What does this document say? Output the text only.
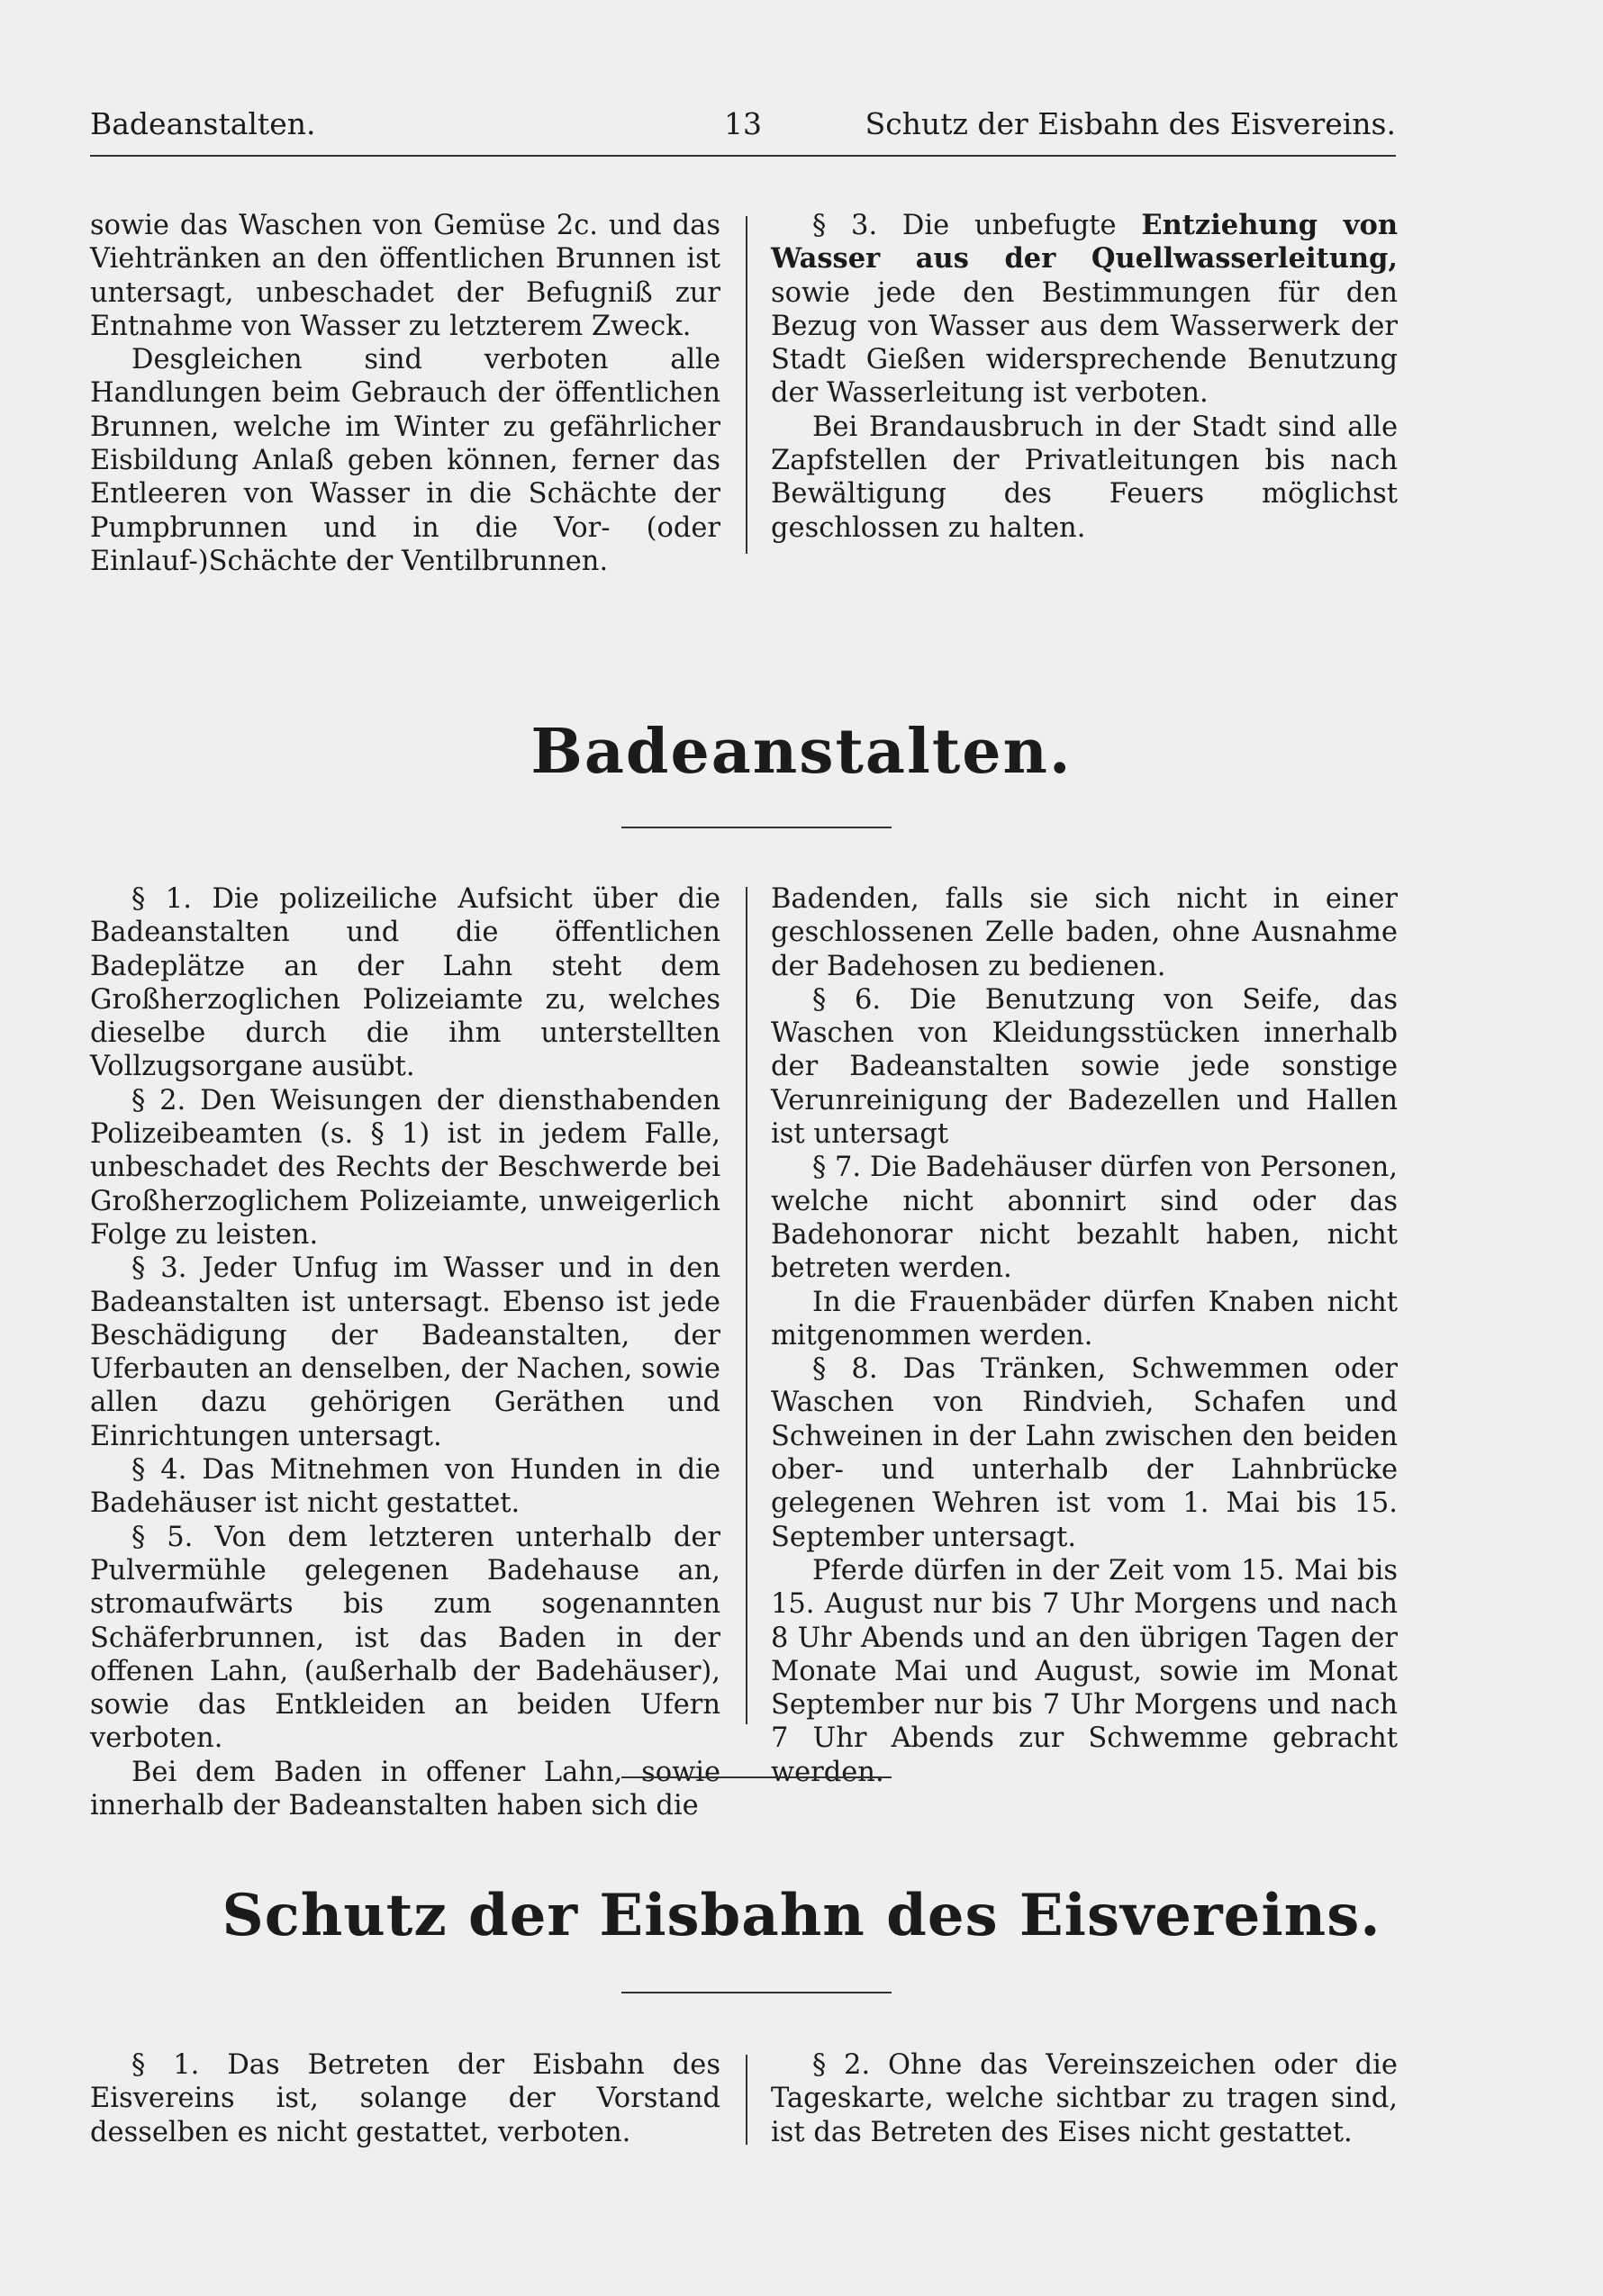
Badeanstalten.	13	Schutz der Eisbahn des Eisvereins.

sowie das Waschen von Gemüse 2c. und das Viehtränken an den öffentlichen Brunnen ist untersagt, unbeschadet der Befugniß zur Entnahme von Wasser zu letzterem Zweck.

Desgleichen sind verboten alle Handlungen beim Gebrauch der öffentlichen Brunnen, welche im Winter zu gefährlicher Eisbildung Anlaß geben können, ferner das Entleeren von Wasser in die Schächte der Pumpbrunnen und in die Vor- (oder Einlauf-)Schächte der Ventilbrunnen.

§ 3. Die unbefugte Entziehung von Wasser aus der Quellwasserleitung, sowie jede den Bestimmungen für den Bezug von Wasser aus dem Wasserwerk der Stadt Gießen widersprechende Benutzung der Wasserleitung ist verboten.

Bei Brandausbruch in der Stadt sind alle Zapfstellen der Privatleitungen bis nach Bewältigung des Feuers möglichst geschlossen zu halten.

Badeanstalten.

§ 1. Die polizeiliche Aufsicht über die Badeanstalten und die öffentlichen Badeplätze an der Lahn steht dem Großherzoglichen Polizeiamte zu, welches dieselbe durch die ihm unterstellten Vollzugsorgane ausübt.

§ 2. Den Weisungen der diensthabenden Polizeibeamten (s. § 1) ist in jedem Falle, unbeschadet des Rechts der Beschwerde bei Großherzoglichem Polizeiamte, unweigerlich Folge zu leisten.

§ 3. Jeder Unfug im Wasser und in den Badeanstalten ist untersagt. Ebenso ist jede Beschädigung der Badeanstalten, der Uferbauten an denselben, der Nachen, sowie allen dazu gehörigen Geräthen und Einrichtungen untersagt.

§ 4. Das Mitnehmen von Hunden in die Badehäuser ist nicht gestattet.

§ 5. Von dem letzteren unterhalb der Pulvermühle gelegenen Badehause an, stromaufwärts bis zum sogenannten Schäferbrunnen, ist das Baden in der offenen Lahn, (außerhalb der Badehäuser), sowie das Entkleiden an beiden Ufern verboten.

Bei dem Baden in offener Lahn, sowie innerhalb der Badeanstalten haben sich die

Badenden, falls sie sich nicht in einer geschlossenen Zelle baden, ohne Ausnahme der Badehosen zu bedienen.

§ 6. Die Benutzung von Seife, das Waschen von Kleidungsstücken innerhalb der Badeanstalten sowie jede sonstige Verunreinigung der Badezellen und Hallen ist untersagt

§ 7. Die Badehäuser dürfen von Personen, welche nicht abonnirt sind oder das Badehonorar nicht bezahlt haben, nicht betreten werden.

In die Frauenbäder dürfen Knaben nicht mitgenommen werden.

§ 8. Das Tränken, Schwemmen oder Waschen von Rindvieh, Schafen und Schweinen in der Lahn zwischen den beiden ober- und unterhalb der Lahnbrücke gelegenen Wehren ist vom 1. Mai bis 15. September untersagt.

Pferde dürfen in der Zeit vom 15. Mai bis 15. August nur bis 7 Uhr Morgens und nach 8 Uhr Abends und an den übrigen Tagen der Monate Mai und August, sowie im Monat September nur bis 7 Uhr Morgens und nach 7 Uhr Abends zur Schwemme gebracht werden.

Schutz der Eisbahn des Eisvereins.

§ 1. Das Betreten der Eisbahn des Eisvereins ist, solange der Vorstand desselben es nicht gestattet, verboten.

§ 2. Ohne das Vereinszeichen oder die Tageskarte, welche sichtbar zu tragen sind, ist das Betreten des Eises nicht gestattet.
